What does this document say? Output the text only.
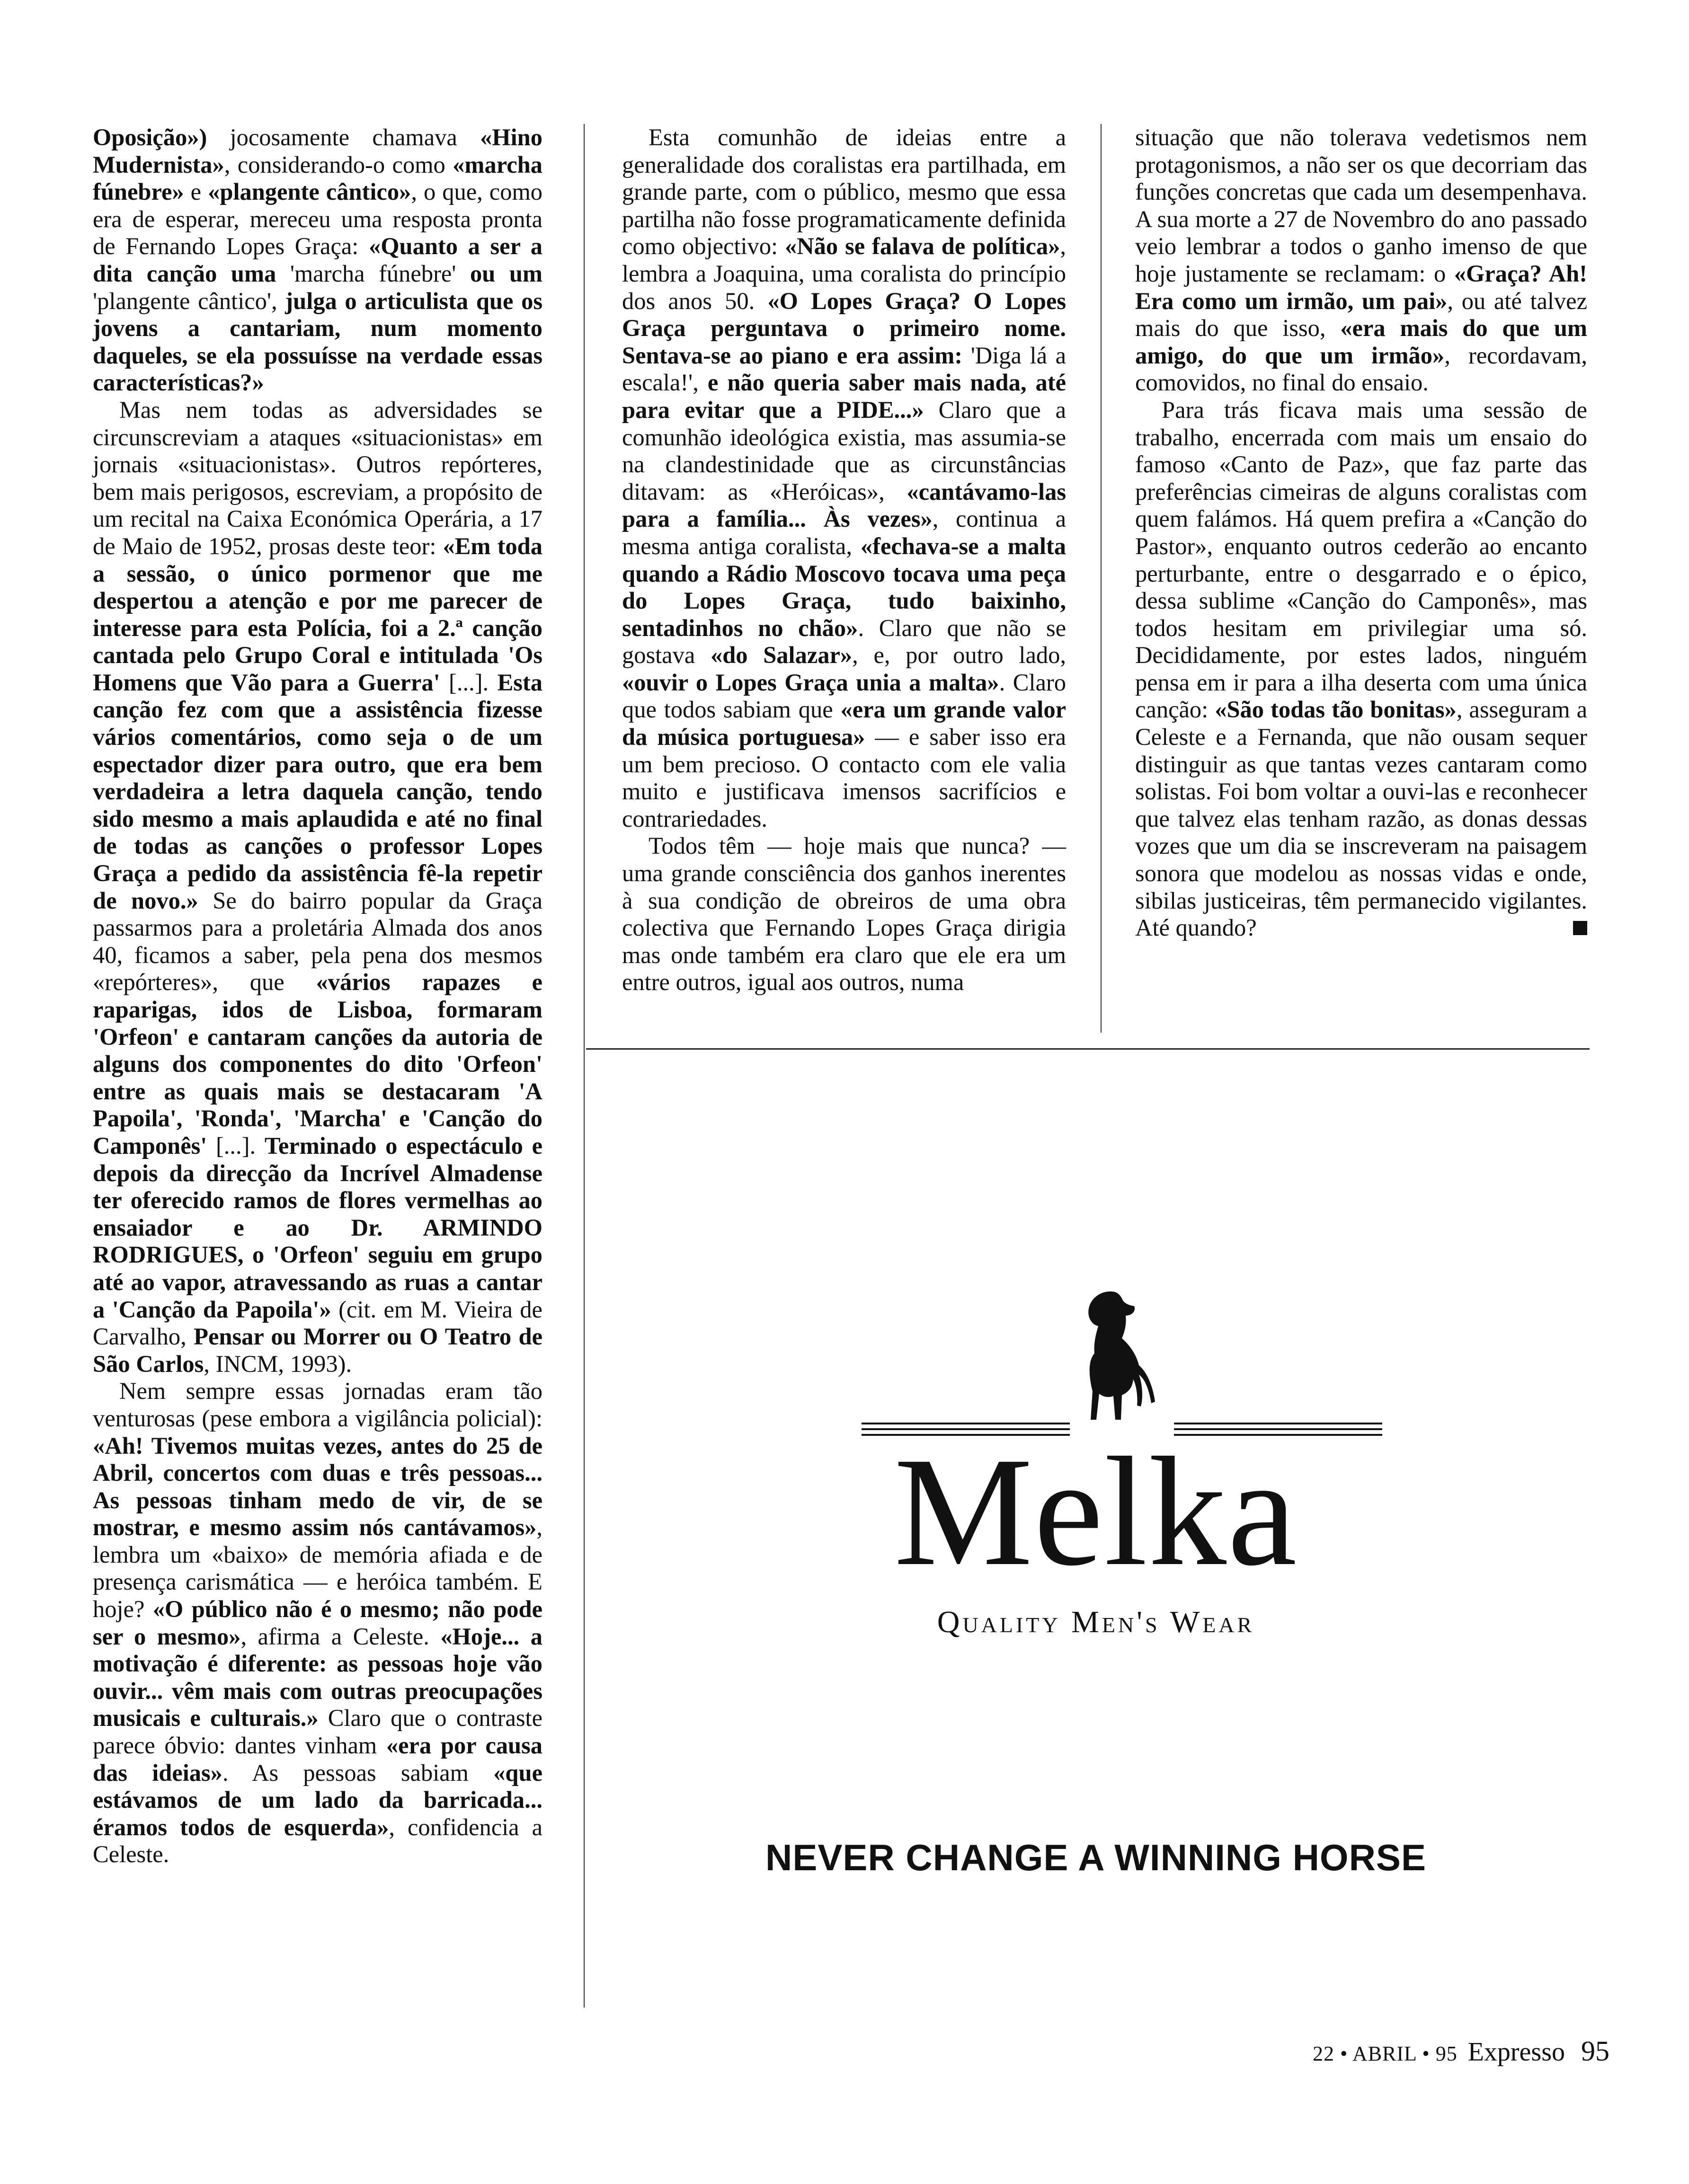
Oposição») jocosamente chamava «Hino Mudernista», considerando-o como «marcha fúnebre» e «plangente cântico», o que, como era de esperar, mereceu uma resposta pronta de Fernando Lopes Graça: «Quanto a ser a dita canção uma 'marcha fúnebre' ou um 'plangente cântico', julga o articulista que os jovens a cantariam, num momento daqueles, se ela possuísse na verdade essas características?»

Mas nem todas as adversidades se circunscreviam a ataques «situacionistas» em jornais «situacionistas». Outros repórteres, bem mais perigosos, escreviam, a propósito de um recital na Caixa Económica Operária, a 17 de Maio de 1952, prosas deste teor: «Em toda a sessão, o único pormenor que me despertou a atenção e por me parecer de interesse para esta Polícia, foi a 2.ª canção cantada pelo Grupo Coral e intitulada 'Os Homens que Vão para a Guerra' [...]. Esta canção fez com que a assistência fizesse vários comentários, como seja o de um espectador dizer para outro, que era bem verdadeira a letra daquela canção, tendo sido mesmo a mais aplaudida e até no final de todas as canções o professor Lopes Graça a pedido da assistência fê-la repetir de novo.» Se do bairro popular da Graça passarmos para a proletária Almada dos anos 40, ficamos a saber, pela pena dos mesmos «repórteres», que «vários rapazes e raparigas, idos de Lisboa, formaram 'Orfeon' e cantaram canções da autoria de alguns dos componentes do dito 'Orfeon' entre as quais mais se destacaram 'A Papoila', 'Ronda', 'Marcha' e 'Canção do Camponês' [...]. Terminado o espectáculo e depois da direcção da Incrível Almadense ter oferecido ramos de flores vermelhas ao ensaiador e ao Dr. ARMINDO RODRIGUES, o 'Orfeon' seguiu em grupo até ao vapor, atravessando as ruas a cantar a 'Canção da Papoila'» (cit. em M. Vieira de Carvalho, Pensar ou Morrer ou O Teatro de São Carlos, INCM, 1993).

Nem sempre essas jornadas eram tão venturosas (pese embora a vigilância policial): «Ah! Tivemos muitas vezes, antes do 25 de Abril, concertos com duas e três pessoas... As pessoas tinham medo de vir, de se mostrar, e mesmo assim nós cantávamos», lembra um «baixo» de memória afiada e de presença carismática — e heróica também. E hoje? «O público não é o mesmo; não pode ser o mesmo», afirma a Celeste. «Hoje... a motivação é diferente: as pessoas hoje vão ouvir... vêm mais com outras preocupações musicais e culturais.» Claro que o contraste parece óbvio: dantes vinham «era por causa das ideias». As pessoas sabiam «que estávamos de um lado da barricada... éramos todos de esquerda», confidencia a Celeste.

Esta comunhão de ideias entre a generalidade dos coralistas era partilhada, em grande parte, com o público, mesmo que essa partilha não fosse programaticamente definida como objectivo: «Não se falava de política», lembra a Joaquina, uma coralista do princípio dos anos 50. «O Lopes Graça? O Lopes Graça perguntava o primeiro nome. Sentava-se ao piano e era assim: 'Diga lá a escala!', e não queria saber mais nada, até para evitar que a PIDE...» Claro que a comunhão ideológica existia, mas assumia-se na clandestinidade que as circunstâncias ditavam: as «Heróicas», «cantávamo-las para a família... Às vezes», continua a mesma antiga coralista, «fechava-se a malta quando a Rádio Moscovo tocava uma peça do Lopes Graça, tudo baixinho, sentadinhos no chão». Claro que não se gostava «do Salazar», e, por outro lado, «ouvir o Lopes Graça unia a malta». Claro que todos sabiam que «era um grande valor da música portuguesa» — e saber isso era um bem precioso. O contacto com ele valia muito e justificava imensos sacrifícios e contrariedades.

Todos têm — hoje mais que nunca? — uma grande consciência dos ganhos inerentes à sua condição de obreiros de uma obra colectiva que Fernando Lopes Graça dirigia mas onde também era claro que ele era um entre outros, igual aos outros, numa

situação que não tolerava vedetismos nem protagonismos, a não ser os que decorriam das funções concretas que cada um desempenhava. A sua morte a 27 de Novembro do ano passado veio lembrar a todos o ganho imenso de que hoje justamente se reclamam: o «Graça? Ah! Era como um irmão, um pai», ou até talvez mais do que isso, «era mais do que um amigo, do que um irmão», recordavam, comovidos, no final do ensaio.

Para trás ficava mais uma sessão de trabalho, encerrada com mais um ensaio do famoso «Canto de Paz», que faz parte das preferências cimeiras de alguns coralistas com quem falámos. Há quem prefira a «Canção do Pastor», enquanto outros cederão ao encanto perturbante, entre o desgarrado e o épico, dessa sublime «Canção do Camponês», mas todos hesitam em privilegiar uma só. Decididamente, por estes lados, ninguém pensa em ir para a ilha deserta com uma única canção: «São todas tão bonitas», asseguram a Celeste e a Fernanda, que não ousam sequer distinguir as que tantas vezes cantaram como solistas. Foi bom voltar a ouvi-las e reconhecer que talvez elas tenham razão, as donas dessas vozes que um dia se inscreveram na paisagem sonora que modelou as nossas vidas e onde, sibilas justiceiras, têm permanecido vigilantes. Até quando?

Melka
Quality Men's Wear
NEVER CHANGE A WINNING HORSE
22 • ABRIL • 95 Expresso 95
